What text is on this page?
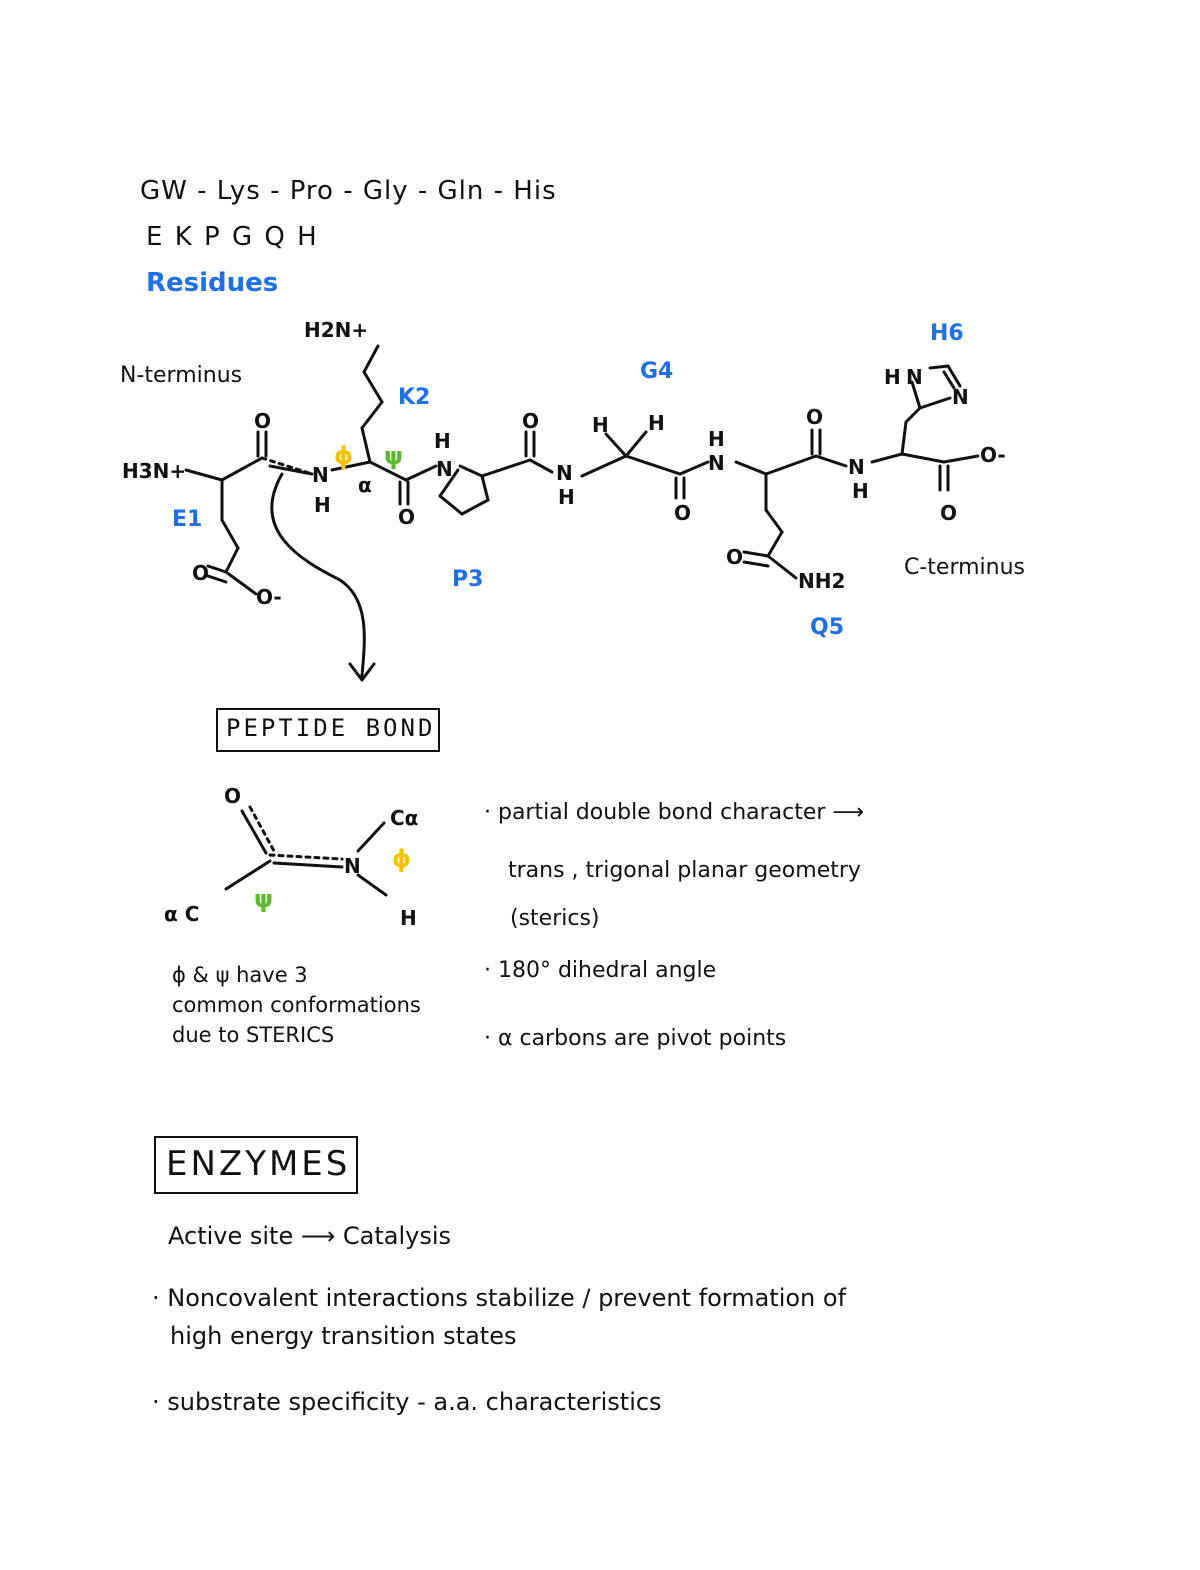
GW - Lys - Pro - Gly - Gln - His
E K P G Q H
Residues
H3N+
H2N+
O
O
O-
N
H
α
O
N
H
O
N
H
H H
O
H
N
O
O
NH2
N
H
O
O-
H N
N
ϕ ψ
N-terminus
C-terminus
E1
K2
P3
G4
Q5
H6
PEPTIDE BOND
O
Cα
N
H
α C
ϕ
ψ
ϕ & ψ have 3
common conformations
due to STERICS
· partial double bond character ⟶
trans , trigonal planar geometry
(sterics)
· 180° dihedral angle
· α carbons are pivot points
ENZYMES
Active site ⟶ Catalysis
· Noncovalent interactions stabilize / prevent formation of
high energy transition states
· substrate specificity - a.a. characteristics
